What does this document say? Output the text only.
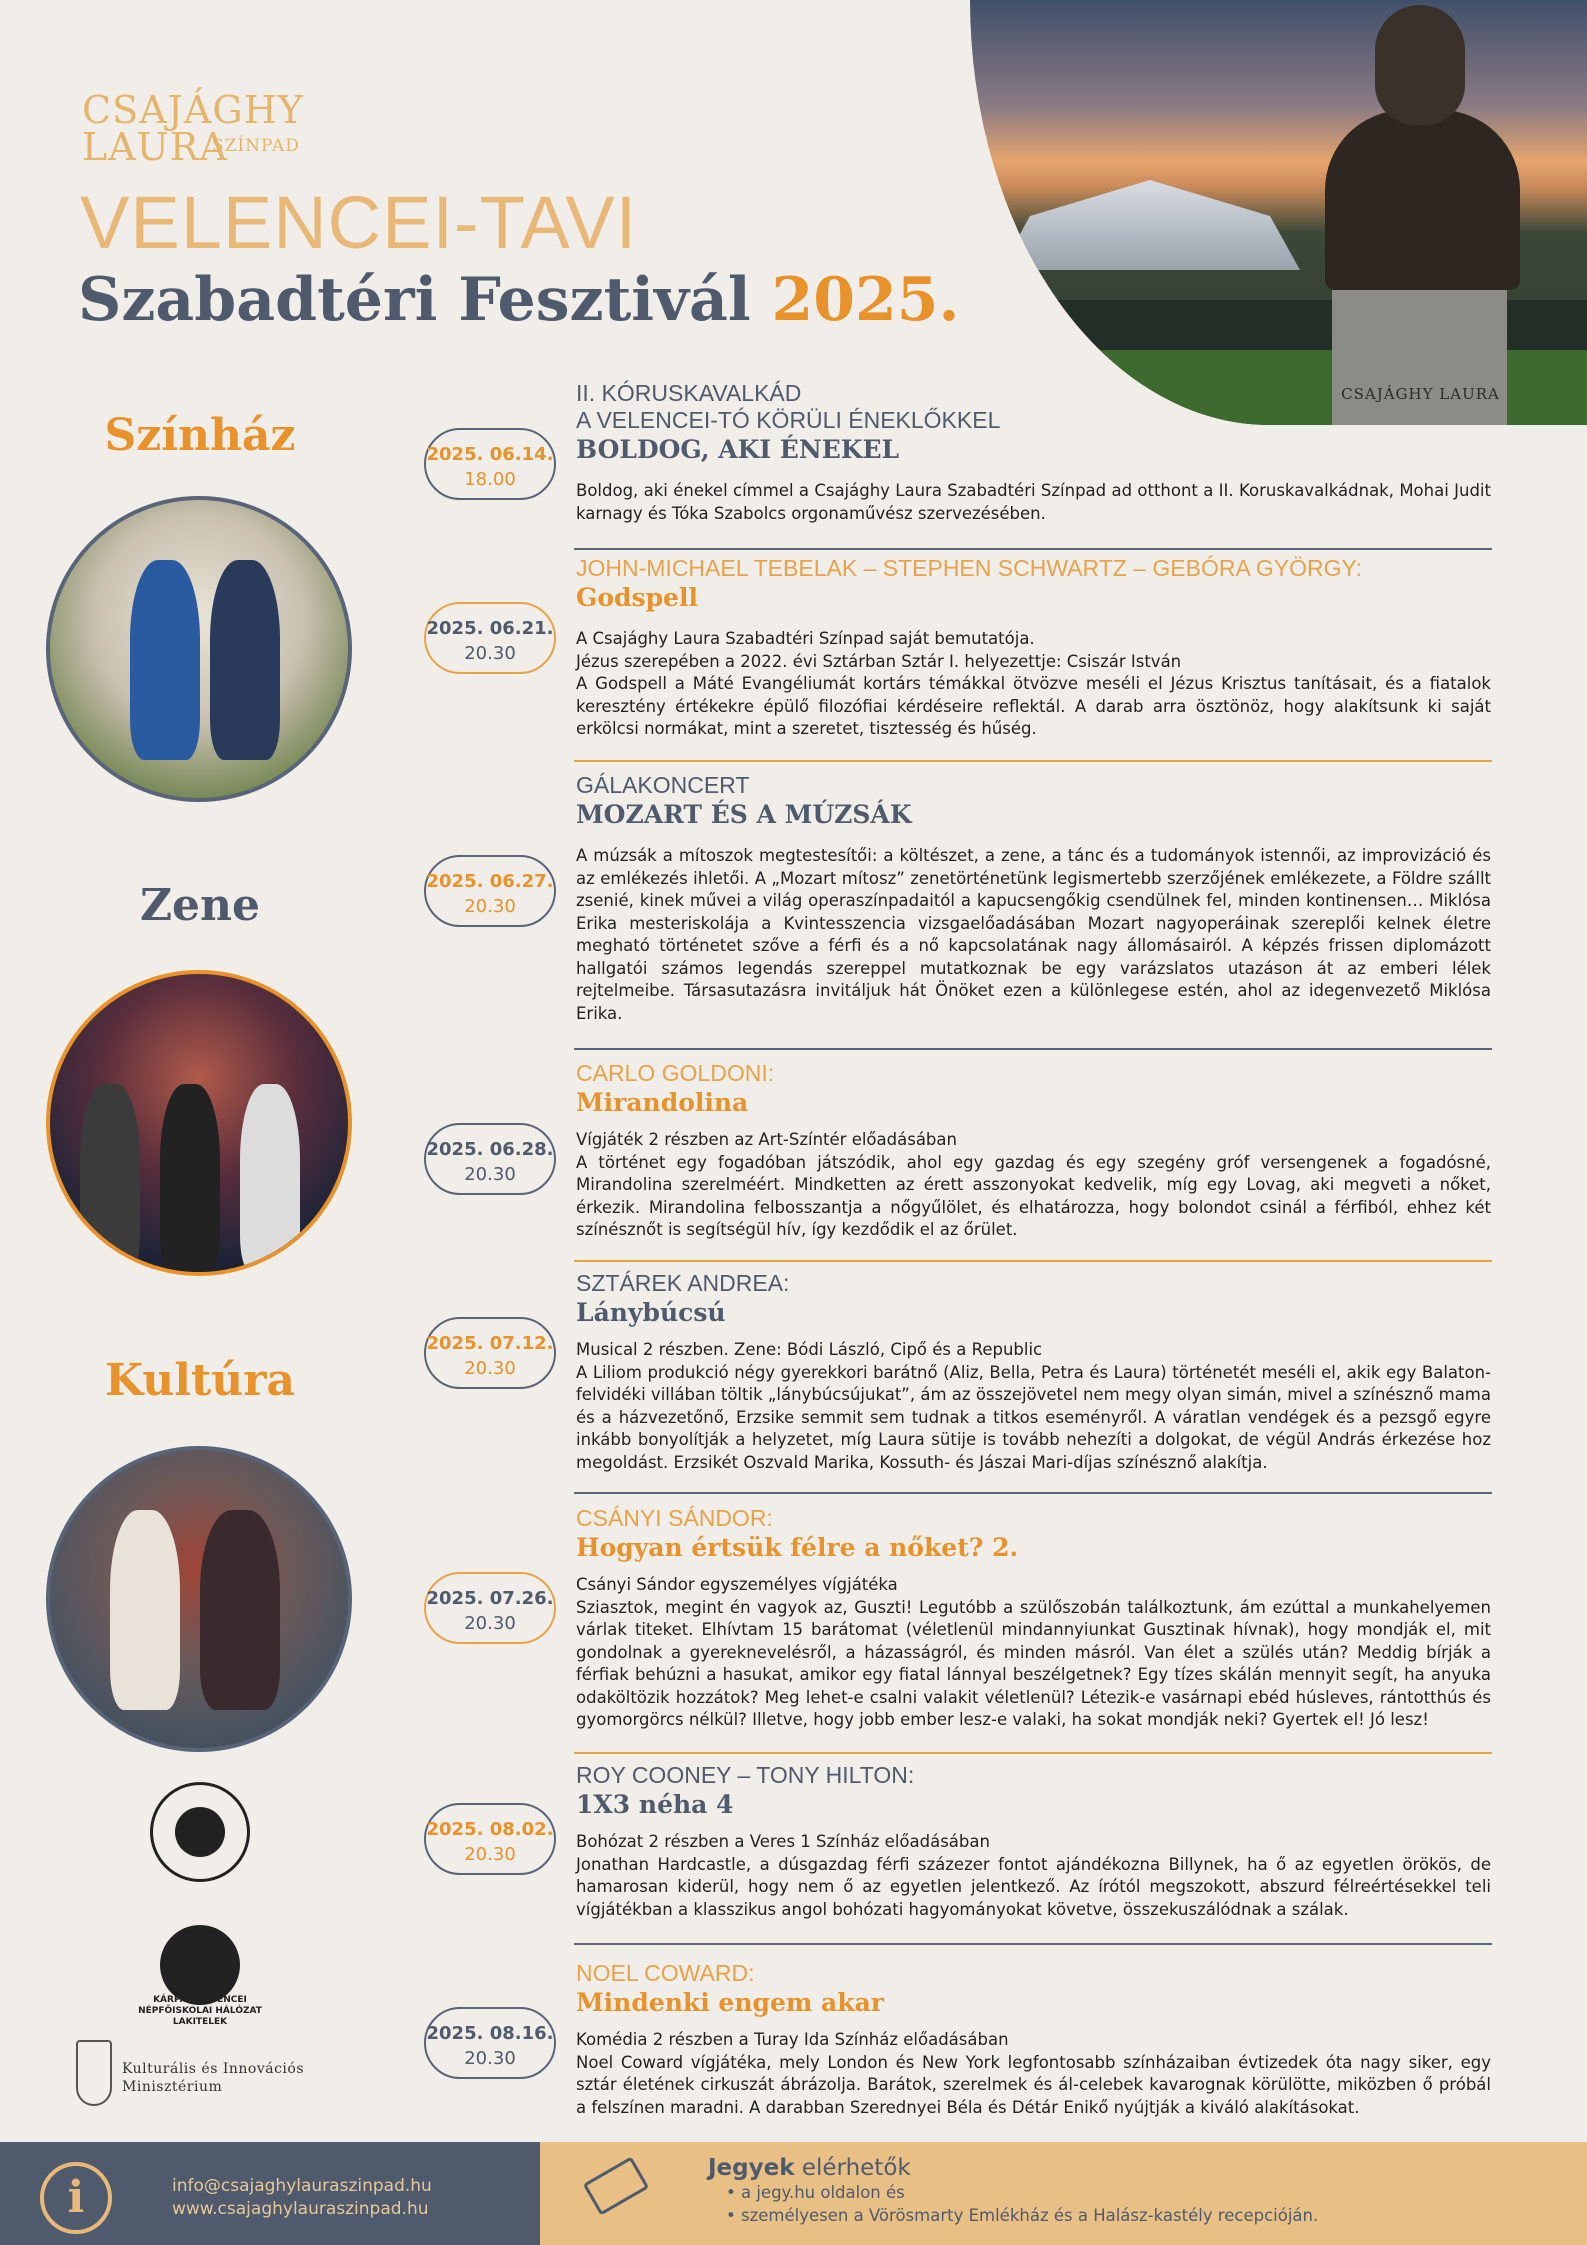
CSAJÁGHY
LAURA
SZÍNPAD
VELENCEI-TAVI
Szabadtéri Fesztivál 2025.
CSAJÁGHY LAURA
Színház
Zene
Kultúra
KÁRPÁT-MEDENCEI
NÉPFŐISKOLAI HÁLÓZAT
LAKITELEK
Kulturális és Innovációs
Minisztérium
2025. 06.14.
18.00
2025. 06.21.
20.30
2025. 06.27.
20.30
2025. 06.28.
20.30
2025. 07.12.
20.30
2025. 07.26.
20.30
2025. 08.02.
20.30
2025. 08.16.
20.30
II. KÓRUSKAVALKÁD
A VELENCEI-TÓ KÖRÜLI ÉNEKLŐKKEL
BOLDOG, AKI ÉNEKEL
Boldog, aki énekel címmel a Csajághy Laura Szabadtéri Színpad ad otthont a II. Koruskavalkádnak, Mohai Judit karnagy és Tóka Szabolcs orgonaművész szervezésében.
JOHN-MICHAEL TEBELAK – STEPHEN SCHWARTZ – GEBÓRA GYÖRGY:
Godspell
A Csajághy Laura Szabadtéri Színpad saját bemutatója.
Jézus szerepében a 2022. évi Sztárban Sztár I. helyezettje: Csiszár István
A Godspell a Máté Evangéliumát kortárs témákkal ötvözve meséli el Jézus Krisztus tanításait, és a fiatalok keresztény értékekre épülő filozófiai kérdéseire reflektál. A darab arra ösztönöz, hogy alakítsunk ki saját erkölcsi normákat, mint a szeretet, tisztesség és hűség.
GÁLAKONCERT
MOZART ÉS A MÚZSÁK
A múzsák a mítoszok megtestesítői: a költészet, a zene, a tánc és a tudományok istennői, az improvizáció és az emlékezés ihletői. A „Mozart mítosz” zenetörténetünk legismertebb szerzőjének emlékezete, a Földre szállt zsenié, kinek művei a világ operaszínpadaitól a kapucsengőkig csendülnek fel, minden kontinensen… Miklósa Erika mesteriskolája a Kvintesszencia vizsgaelőadásában Mozart nagyoperáinak szereplői kelnek életre megható történetet szőve a férfi és a nő kapcsolatának nagy állomásairól. A képzés frissen diplomázott hallgatói számos legendás szereppel mutatkoznak be egy varázslatos utazáson át az emberi lélek rejtelmeibe. Társasutazásra invitáljuk hát Önöket ezen a különlegese estén, ahol az idegenvezető Miklósa Erika.
CARLO GOLDONI:
Mirandolina
Vígjáték 2 részben az Art-Színtér előadásában
A történet egy fogadóban játszódik, ahol egy gazdag és egy szegény gróf versengenek a fogadósné, Mirandolina szerelméért. Mindketten az érett asszonyokat kedvelik, míg egy Lovag, aki megveti a nőket, érkezik. Mirandolina felbosszantja a nőgyűlölet, és elhatározza, hogy bolondot csinál a férfiból, ehhez két színésznőt is segítségül hív, így kezdődik el az őrület.
SZTÁREK ANDREA:
Lánybúcsú
Musical 2 részben. Zene: Bódi László, Cipő és a Republic
A Liliom produkció négy gyerekkori barátnő (Aliz, Bella, Petra és Laura) történetét meséli el, akik egy Balaton-felvidéki villában töltik „lánybúcsújukat”, ám az összejövetel nem megy olyan simán, mivel a színésznő mama és a házvezetőnő, Erzsike semmit sem tudnak a titkos eseményről. A váratlan vendégek és a pezsgő egyre inkább bonyolítják a helyzetet, míg Laura sütije is tovább nehezíti a dolgokat, de végül András érkezése hoz megoldást. Erzsikét Oszvald Marika, Kossuth- és Jászai Mari-díjas színésznő alakítja.
CSÁNYI SÁNDOR:
Hogyan értsük félre a nőket? 2.
Csányi Sándor egyszemélyes vígjátéka
Sziasztok, megint én vagyok az, Guszti! Legutóbb a szülőszobán találkoztunk, ám ezúttal a munkahelyemen várlak titeket. Elhívtam 15 barátomat (véletlenül mindannyiunkat Gusztinak hívnak), hogy mondják el, mit gondolnak a gyereknevelésről, a házasságról, és minden másról. Van élet a szülés után? Meddig bírják a férfiak behúzni a hasukat, amikor egy fiatal lánnyal beszélgetnek? Egy tízes skálán mennyit segít, ha anyuka odaköltözik hozzátok? Meg lehet-e csalni valakit véletlenül? Létezik-e vasárnapi ebéd húsleves, rántotthús és gyomorgörcs nélkül? Illetve, hogy jobb ember lesz-e valaki, ha sokat mondják neki? Gyertek el! Jó lesz!
ROY COONEY – TONY HILTON:
1X3 néha 4
Bohózat 2 részben a Veres 1 Színház előadásában
Jonathan Hardcastle, a dúsgazdag férfi százezer fontot ajándékozna Billynek, ha ő az egyetlen örökös, de hamarosan kiderül, hogy nem ő az egyetlen jelentkező. Az írótól megszokott, abszurd félreértésekkel teli vígjátékban a klasszikus angol bohózati hagyományokat követve, összekuszálódnak a szálak.
NOEL COWARD:
Mindenki engem akar
Komédia 2 részben a Turay Ida Színház előadásában
Noel Coward vígjátéka, mely London és New York legfontosabb színházaiban évtizedek óta nagy siker, egy sztár életének cirkuszát ábrázolja. Barátok, szerelmek és ál-celebek kavarognak körülötte, miközben ő próbál a felszínen maradni. A darabban Szerednyei Béla és Détár Enikő nyújtják a kiváló alakításokat.
i	info@csajaghylauraszinpad.hu
www.csajaghylauraszinpad.hu
Jegyek elérhetők
• a jegy.hu oldalon és
• személyesen a Vörösmarty Emlékház és a Halász-kastély recepcióján.
